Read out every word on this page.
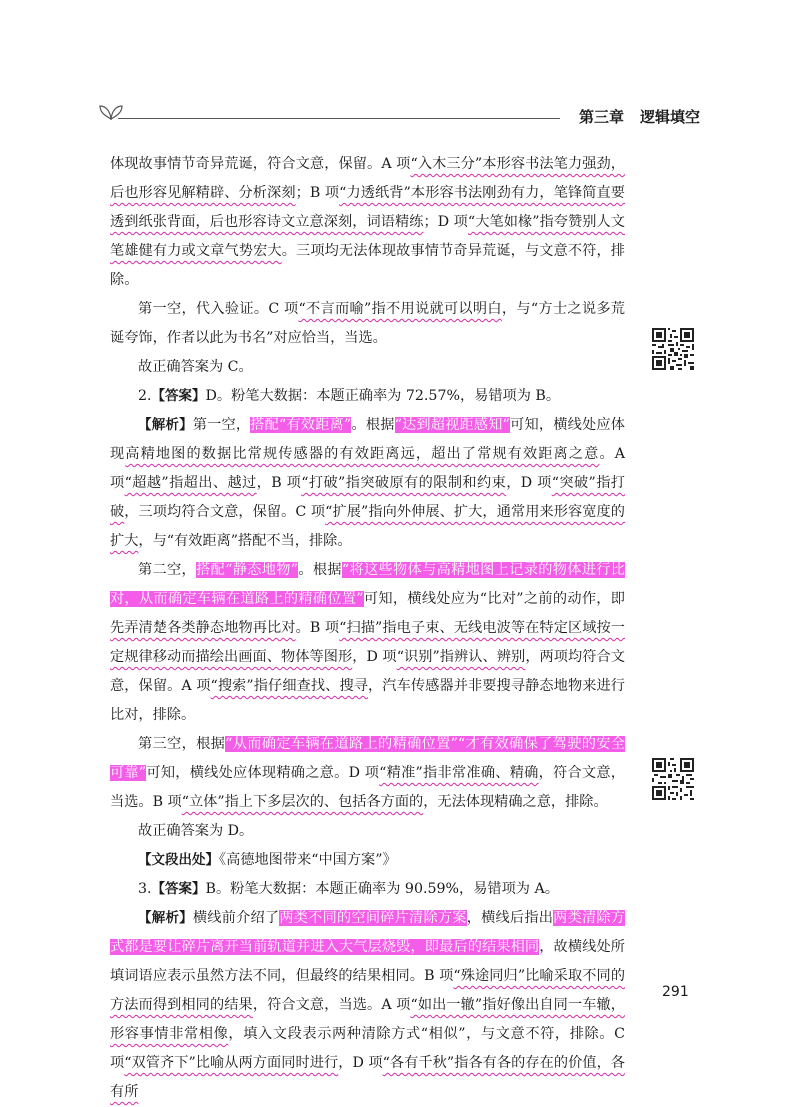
第三章 逻辑填空

体现故事情节奇异荒诞，符合文意，保留。A 项“入木三分”本形容书法笔力强劲，后也形容见解精辟、分析深刻；B 项“力透纸背”本形容书法刚劲有力，笔锋简直要透到纸张背面，后也形容诗文立意深刻，词语精练；D 项“大笔如椽”指夸赞别人文笔雄健有力或文章气势宏大。三项均无法体现故事情节奇异荒诞，与文意不符，排除。

第一空，代入验证。C 项“不言而喻”指不用说就可以明白，与“方士之说多荒诞夸饰，作者以此为书名”对应恰当，当选。

故正确答案为 C。

2.【答案】D。粉笔大数据：本题正确率为 72.57%，易错项为 B。

【解析】第一空，搭配“有效距离”。根据“达到超视距感知”可知，横线处应体现高精地图的数据比常规传感器的有效距离远，超出了常规有效距离之意。A 项“超越”指超出、越过，B 项“打破”指突破原有的限制和约束，D 项“突破”指打破，三项均符合文意，保留。C 项“扩展”指向外伸展、扩大，通常用来形容宽度的扩大，与“有效距离”搭配不当，排除。

第二空，搭配“静态地物”。根据“将这些物体与高精地图上记录的物体进行比对，从而确定车辆在道路上的精确位置”可知，横线处应为“比对”之前的动作，即先弄清楚各类静态地物再比对。B 项“扫描”指电子束、无线电波等在特定区域按一定规律移动而描绘出画面、物体等图形，D 项“识别”指辨认、辨别，两项均符合文意，保留。A 项“搜索”指仔细查找、搜寻，汽车传感器并非要搜寻静态地物来进行比对，排除。

第三空，根据“从而确定车辆在道路上的精确位置”“才有效确保了驾驶的安全可靠”可知，横线处应体现精确之意。D 项“精准”指非常准确、精确，符合文意，当选。B 项“立体”指上下多层次的、包括各方面的，无法体现精确之意，排除。

故正确答案为 D。

【文段出处】《高德地图带来“中国方案”》

3.【答案】B。粉笔大数据：本题正确率为 90.59%，易错项为 A。

【解析】横线前介绍了两类不同的空间碎片清除方案，横线后指出两类清除方式都是要让碎片离开当前轨道并进入大气层烧毁，即最后的结果相同，故横线处所填词语应表示虽然方法不同，但最终的结果相同。B 项“殊途同归”比喻采取不同的方法而得到相同的结果，符合文意，当选。A 项“如出一辙”指好像出自同一车辙，形容事情非常相像，填入文段表示两种清除方式“相似”，与文意不符，排除。C 项“双管齐下”比喻从两方面同时进行，D 项“各有千秋”指各有各的存在的价值，各有所

291
